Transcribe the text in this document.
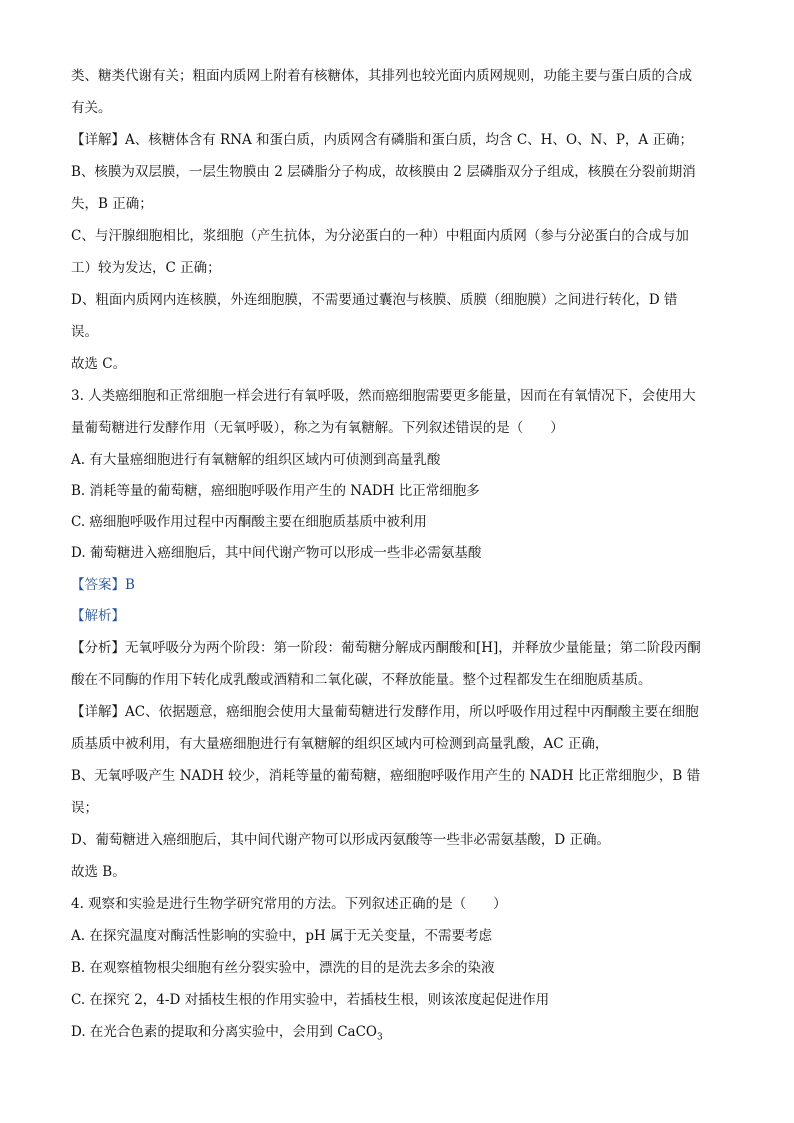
类、糖类代谢有关；粗面内质网上附着有核糖体，其排列也较光面内质网规则，功能主要与蛋白质的合成
有关。
【详解】A、核糖体含有 RNA 和蛋白质，内质网含有磷脂和蛋白质，均含 C、H、O、N、P，A 正确；
B、核膜为双层膜，一层生物膜由 2 层磷脂分子构成，故核膜由 2 层磷脂双分子组成，核膜在分裂前期消
失，B 正确；
C、与汗腺细胞相比，浆细胞（产生抗体，为分泌蛋白的一种）中粗面内质网（参与分泌蛋白的合成与加
工）较为发达，C 正确；
D、粗面内质网内连核膜，外连细胞膜，不需要通过囊泡与核膜、质膜（细胞膜）之间进行转化，D 错
误。
故选 C。
3. 人类癌细胞和正常细胞一样会进行有氧呼吸，然而癌细胞需要更多能量，因而在有氧情况下，会使用大
量葡萄糖进行发酵作用（无氧呼吸），称之为有氧糖解。下列叙述错误的是（　　）
A. 有大量癌细胞进行有氧糖解的组织区域内可侦测到高量乳酸
B. 消耗等量的葡萄糖，癌细胞呼吸作用产生的 NADH 比正常细胞多
C. 癌细胞呼吸作用过程中丙酮酸主要在细胞质基质中被利用
D. 葡萄糖进入癌细胞后，其中间代谢产物可以形成一些非必需氨基酸
【答案】B
【解析】
【分析】无氧呼吸分为两个阶段：第一阶段：葡萄糖分解成丙酮酸和[H]，并释放少量能量；第二阶段丙酮
酸在不同酶的作用下转化成乳酸或酒精和二氧化碳，不释放能量。整个过程都发生在细胞质基质。
【详解】AC、依据题意，癌细胞会使用大量葡萄糖进行发酵作用，所以呼吸作用过程中丙酮酸主要在细胞
质基质中被利用，有大量癌细胞进行有氧糖解的组织区域内可检测到高量乳酸，AC 正确，
B、无氧呼吸产生 NADH 较少，消耗等量的葡萄糖，癌细胞呼吸作用产生的 NADH 比正常细胞少，B 错
误；
D、葡萄糖进入癌细胞后，其中间代谢产物可以形成丙氨酸等一些非必需氨基酸，D 正确。
故选 B。
4. 观察和实验是进行生物学研究常用的方法。下列叙述正确的是（　　）
A. 在探究温度对酶活性影响的实验中，pH 属于无关变量，不需要考虑
B. 在观察植物根尖细胞有丝分裂实验中，漂洗的目的是洗去多余的染液
C. 在探究 2，4-D 对插枝生根的作用实验中，若插枝生根，则该浓度起促进作用
D. 在光合色素的提取和分离实验中，会用到 CaCO$_3$
